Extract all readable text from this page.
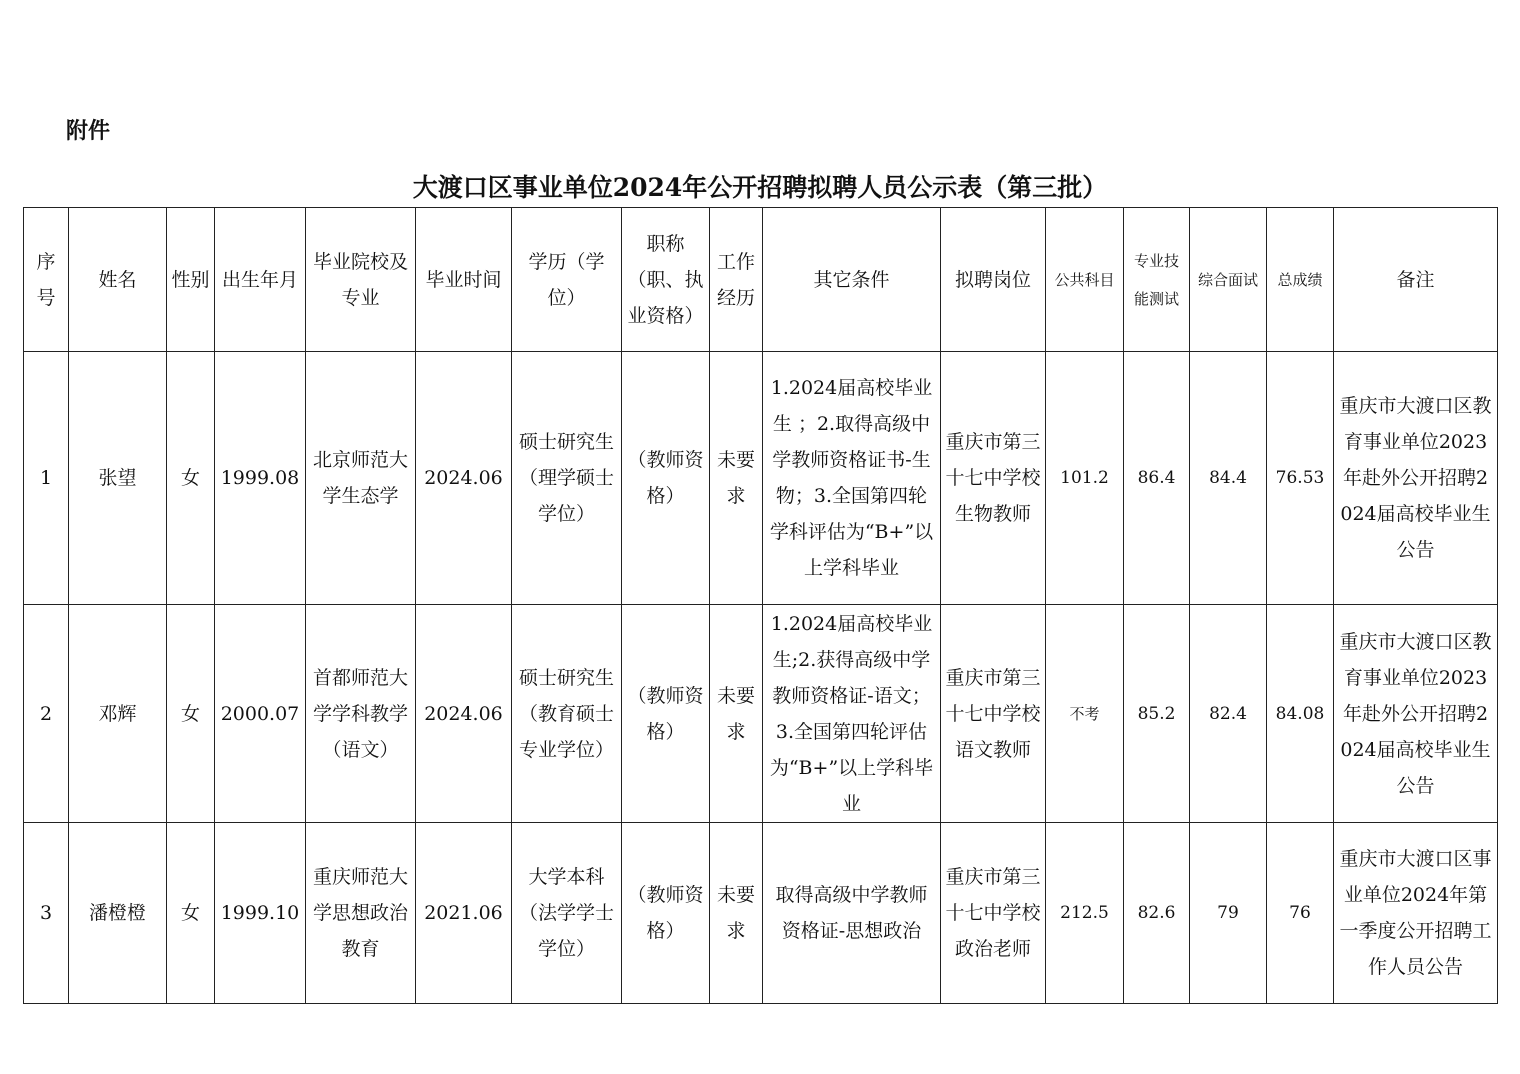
附件
大渡口区事业单位2024年公开招聘拟聘人员公示表（第三批）
序号	姓名	性别	出生年月	毕业院校及专业	毕业时间	学历（学位）	职称（职、执业资格）	工作经历	其它条件	拟聘岗位	公共科目	专业技能测试	综合面试	总成绩	备注
1	张望	女	1999.08	北京师范大学生态学	2024.06	硕士研究生（理学硕士学位）	（教师资格）	未要求	1.2024届高校毕业生 ；2.取得高级中学教师资格证书-生物；3.全国第四轮学科评估为“B+”以上学科毕业	重庆市第三十七中学校生物教师	101.2	86.4	84.4	76.53	重庆市大渡口区教育事业单位2023年赴外公开招聘2024届高校毕业生公告
2	邓辉	女	2000.07	首都师范大学学科教学（语文）	2024.06	硕士研究生（教育硕士专业学位）	（教师资格）	未要求	1.2024届高校毕业生;2.获得高级中学教师资格证-语文；3.全国第四轮评估为“B+”以上学科毕业	重庆市第三十七中学校语文教师	不考	85.2	82.4	84.08	重庆市大渡口区教育事业单位2023年赴外公开招聘2024届高校毕业生公告
3	潘橙橙	女	1999.10	重庆师范大学思想政治教育	2021.06	大学本科（法学学士学位）	（教师资格）	未要求	取得高级中学教师资格证-思想政治	重庆市第三十七中学校政治老师	212.5	82.6	79	76	重庆市大渡口区事业单位2024年第一季度公开招聘工作人员公告
